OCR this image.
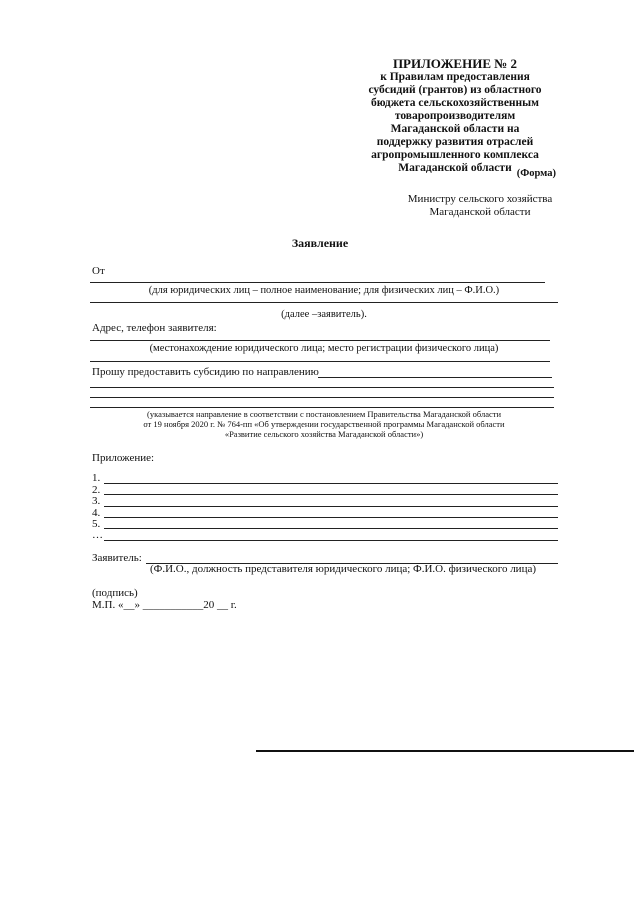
ПРИЛОЖЕНИЕ № 2
к Правилам предоставления
субсидий (грантов) из областного
бюджета сельскохозяйственным
товаропроизводителям
Магаданской области на
поддержку развития отраслей
агропромышленного комплекса
Магаданской области (Форма)
Министру сельского хозяйства
Магаданской области
Заявление
От
(для юридических лиц – полное наименование; для физических лиц – Ф.И.О.)
(далее –заявитель).
Адрес, телефон заявителя:
(местонахождение юридического лица; место регистрации физического лица)
Прошу предоставить субсидию по направлению
(указывается направление в соответствии с постановлением Правительства Магаданской области
от 19 ноября 2020 г. № 764-пп «Об утверждении государственной программы Магаданской области
«Развитие сельского хозяйства Магаданской области»)
Приложение:
1.
2.
3.
4.
5.
…
Заявитель:
(Ф.И.О., должность представителя юридического лица; Ф.И.О. физического лица)
(подпись)
М.П. «__» ___________20 __ г.
